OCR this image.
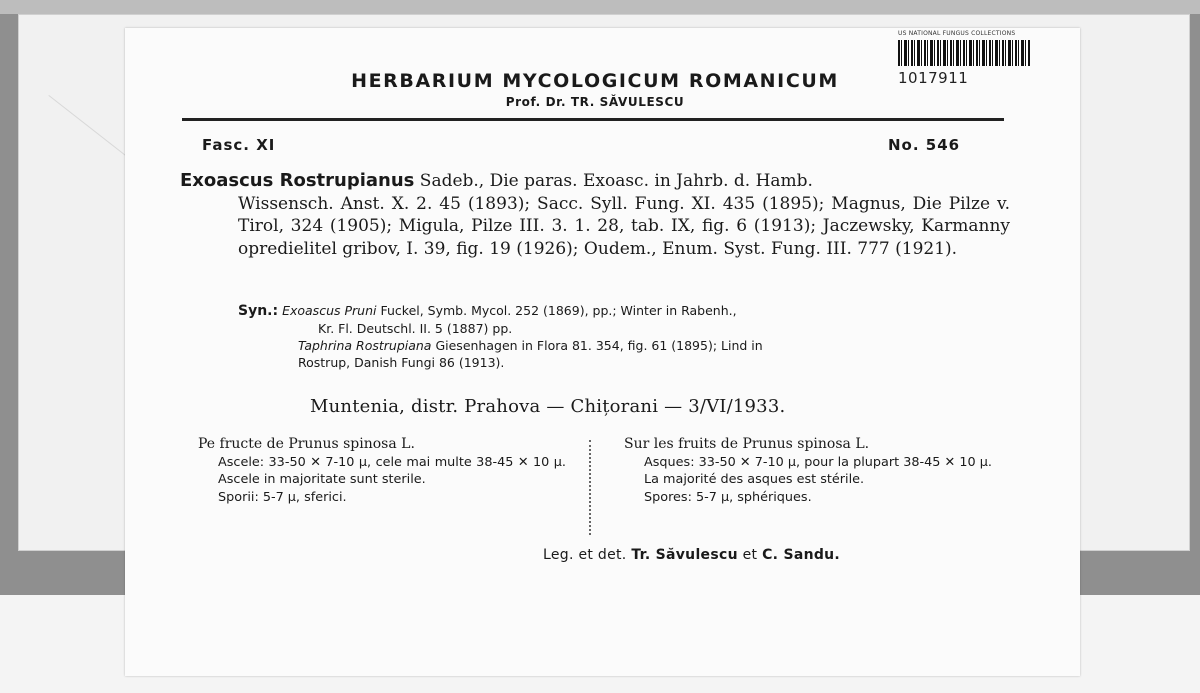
US NATIONAL FUNGUS COLLECTIONS
1017911
HERBARIUM MYCOLOGICUM ROMANICUM
Prof. Dr. TR. SĂVULESCU
Fasc. XI	No. 546
Exoascus Rostrupianus Sadeb., Die paras. Exoasc. in Jahrb. d. Hamb.
Wissensch. Anst. X. 2. 45 (1893); Sacc. Syll. Fung. XI. 435 (1895); Magnus, Die Pilze v. Tirol, 324 (1905); Migula, Pilze III. 3. 1. 28, tab. IX, fig. 6 (1913); Jaczewsky, Karmanny opredielitel gribov, I. 39, fig. 19 (1926); Oudem., Enum. Syst. Fung. III. 777 (1921).
Syn.: Exoascus Pruni Fuckel, Symb. Mycol. 252 (1869), pp.; Winter in Rabenh.,
Kr. Fl. Deutschl. II. 5 (1887) pp.
Taphrina Rostrupiana Giesenhagen in Flora 81. 354, fig. 61 (1895); Lind in
Rostrup, Danish Fungi 86 (1913).
Muntenia, distr. Prahova — Chițorani — 3/VI/1933.
Pe fructe de Prunus spinosa L.
Ascele: 33-50 ✕ 7-10 μ, cele mai multe 38-45 ✕ 10 μ. Ascele in majoritate sunt sterile.
Sporii: 5-7 μ, sferici.
Sur les fruits de Prunus spinosa L.
Asques: 33-50 ✕ 7-10 μ, pour la plupart 38-45 ✕ 10 μ. La majorité des asques est stérile.
Spores: 5-7 μ, sphériques.
Leg. et det. Tr. Săvulescu et C. Sandu.
